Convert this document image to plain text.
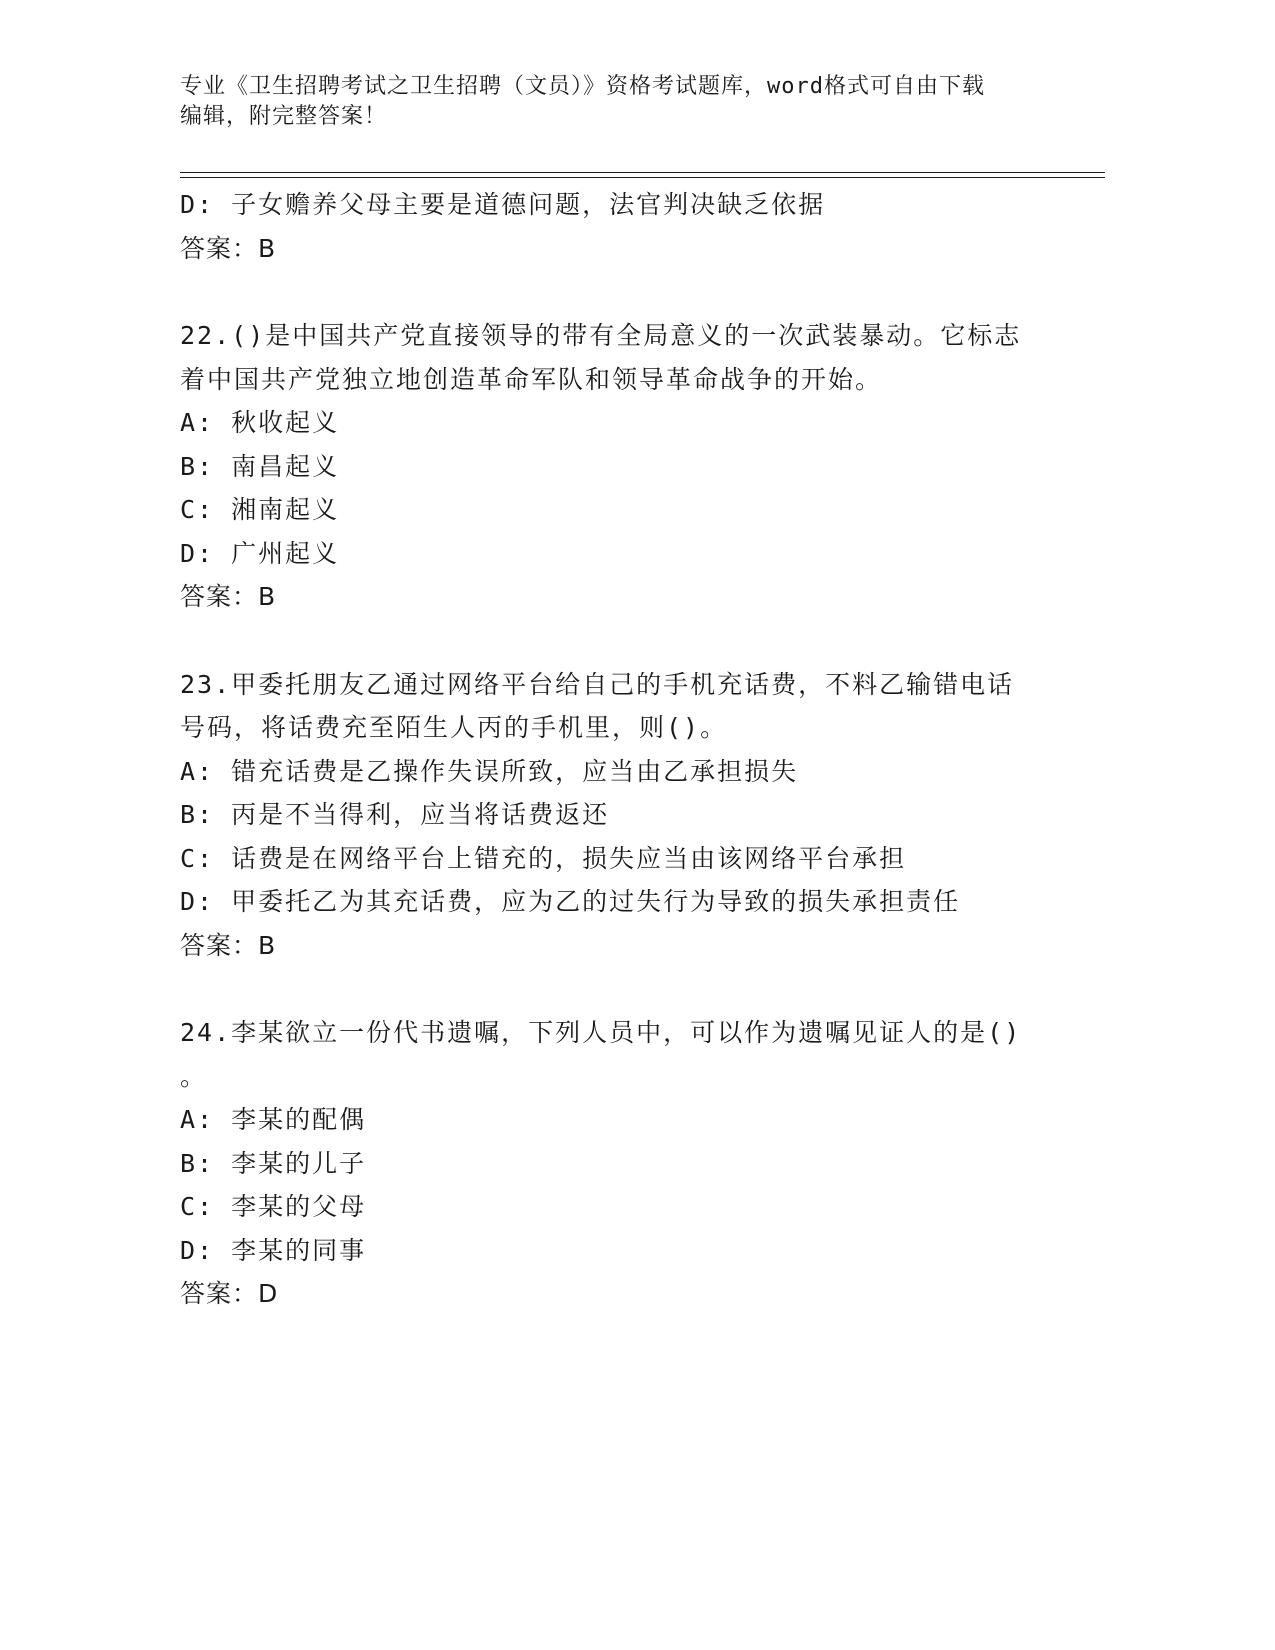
专业《卫生招聘考试之卫生招聘（文员）》资格考试题库，word格式可自由下载
编辑，附完整答案！
D: 子女赡养父母主要是道德问题，法官判决缺乏依据
答案：B
22.()是中国共产党直接领导的带有全局意义的一次武装暴动。它标志
着中国共产党独立地创造革命军队和领导革命战争的开始。
A: 秋收起义
B: 南昌起义
C: 湘南起义
D: 广州起义
答案：B
23.甲委托朋友乙通过网络平台给自己的手机充话费，不料乙输错电话
号码，将话费充至陌生人丙的手机里，则()。
A: 错充话费是乙操作失误所致，应当由乙承担损失
B: 丙是不当得利，应当将话费返还
C: 话费是在网络平台上错充的，损失应当由该网络平台承担
D: 甲委托乙为其充话费，应为乙的过失行为导致的损失承担责任
答案：B
24.李某欲立一份代书遗嘱，下列人员中，可以作为遗嘱见证人的是()
。
A: 李某的配偶
B: 李某的儿子
C: 李某的父母
D: 李某的同事
答案：D
